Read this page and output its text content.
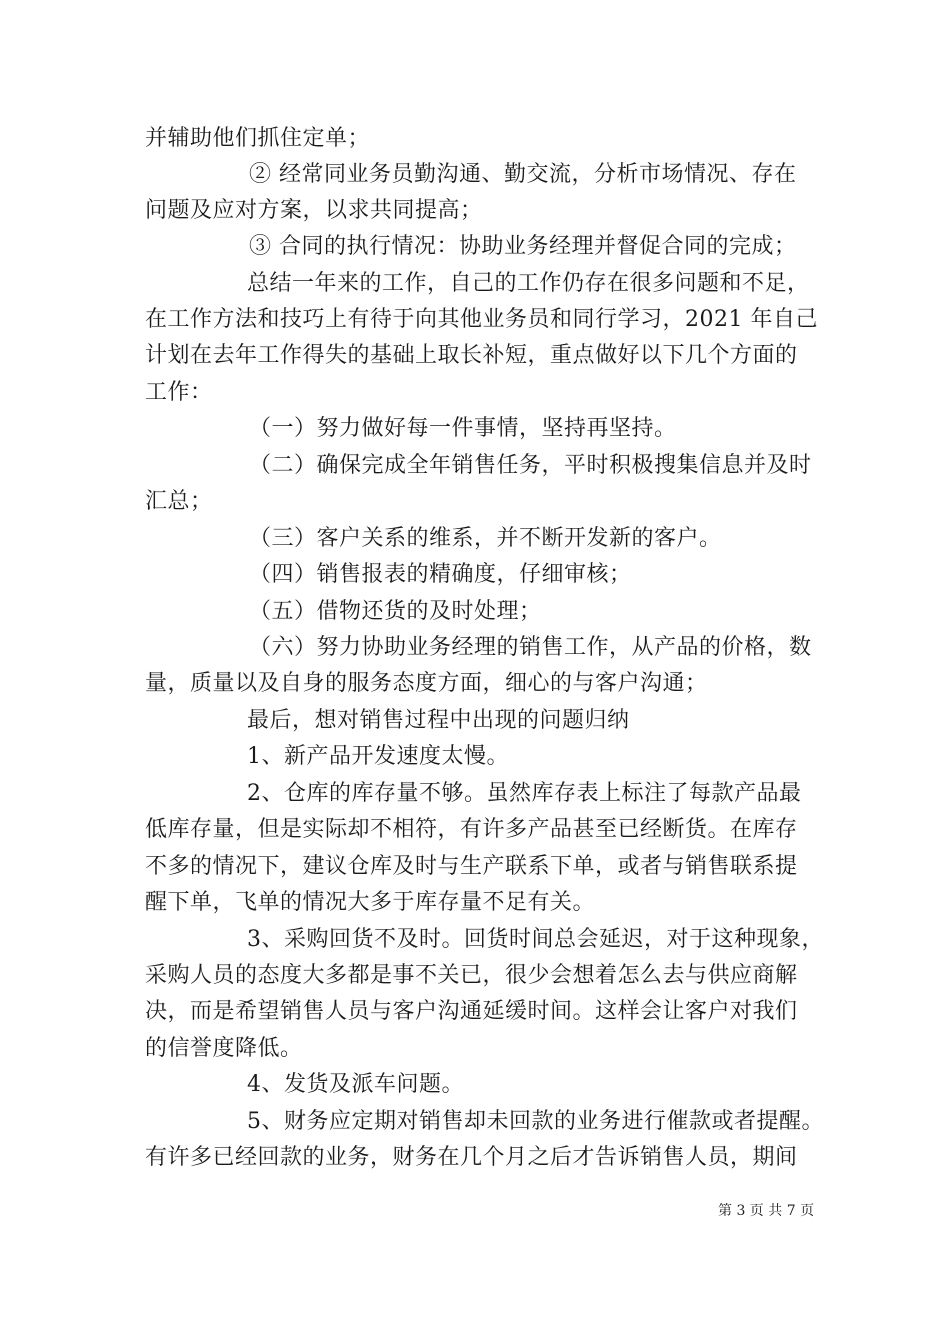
并辅助他们抓住定单；
② 经常同业务员勤沟通、勤交流，分析市场情况、存在
问题及应对方案，以求共同提高；
③ 合同的执行情况：协助业务经理并督促合同的完成；
总结一年来的工作，自己的工作仍存在很多问题和不足，
在工作方法和技巧上有待于向其他业务员和同行学习，2021 年自己
计划在去年工作得失的基础上取长补短，重点做好以下几个方面的
工作：
（一）努力做好每一件事情，坚持再坚持。
（二）确保完成全年销售任务，平时积极搜集信息并及时
汇总；
（三）客户关系的维系，并不断开发新的客户。
（四）销售报表的精确度，仔细审核；
（五）借物还货的及时处理；
（六）努力协助业务经理的销售工作，从产品的价格，数
量，质量以及自身的服务态度方面，细心的与客户沟通；
最后，想对销售过程中出现的问题归纳
1、新产品开发速度太慢。
2、仓库的库存量不够。虽然库存表上标注了每款产品最
低库存量，但是实际却不相符，有许多产品甚至已经断货。在库存
不多的情况下，建议仓库及时与生产联系下单，或者与销售联系提
醒下单，飞单的情况大多于库存量不足有关。
3、采购回货不及时。回货时间总会延迟，对于这种现象，
采购人员的态度大多都是事不关已，很少会想着怎么去与供应商解
决，而是希望销售人员与客户沟通延缓时间。这样会让客户对我们
的信誉度降低。
4、发货及派车问题。
5、财务应定期对销售却未回款的业务进行催款或者提醒。
有许多已经回款的业务，财务在几个月之后才告诉销售人员，期间
第 3 页 共 7 页
